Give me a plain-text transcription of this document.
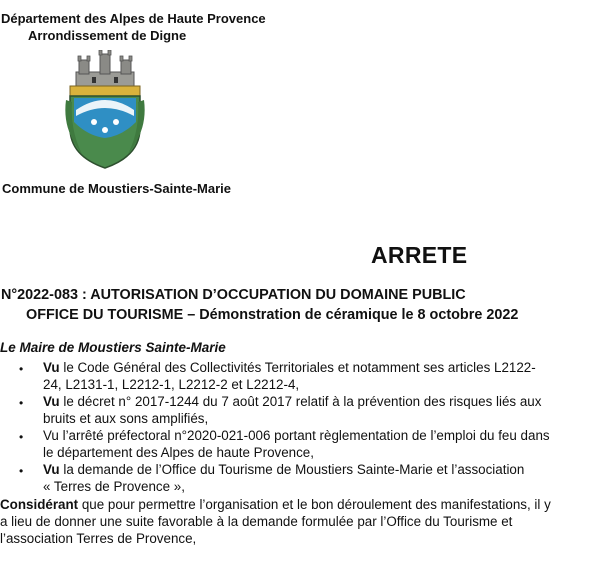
Département des Alpes de Haute Provence
Arrondissement de Digne
Commune de Moustiers-Sainte-Marie
ARRETE
N°2022-083 : AUTORISATION D’OCCUPATION DU DOMAINE PUBLIC
OFFICE DU TOURISME – Démonstration de céramique le 8 octobre 2022
Le Maire de Moustiers Sainte-Marie
• Vu le Code Général des Collectivités Territoriales et notamment ses articles L2122-
24, L2131-1, L2212-1, L2212-2 et L2212-4,
• Vu le décret n° 2017-1244 du 7 août 2017 relatif à la prévention des risques liés aux
bruits et aux sons amplifiés,
• Vu l’arrêté préfectoral n°2020-021-006 portant règlementation de l’emploi du feu dans
le département des Alpes de haute Provence,
• Vu la demande de l’Office du Tourisme de Moustiers Sainte-Marie et l’association
« Terres de Provence »,
Considérant que pour permettre l’organisation et le bon déroulement des manifestations, il y
a lieu de donner une suite favorable à la demande formulée par l’Office du Tourisme et
l’association Terres de Provence,
